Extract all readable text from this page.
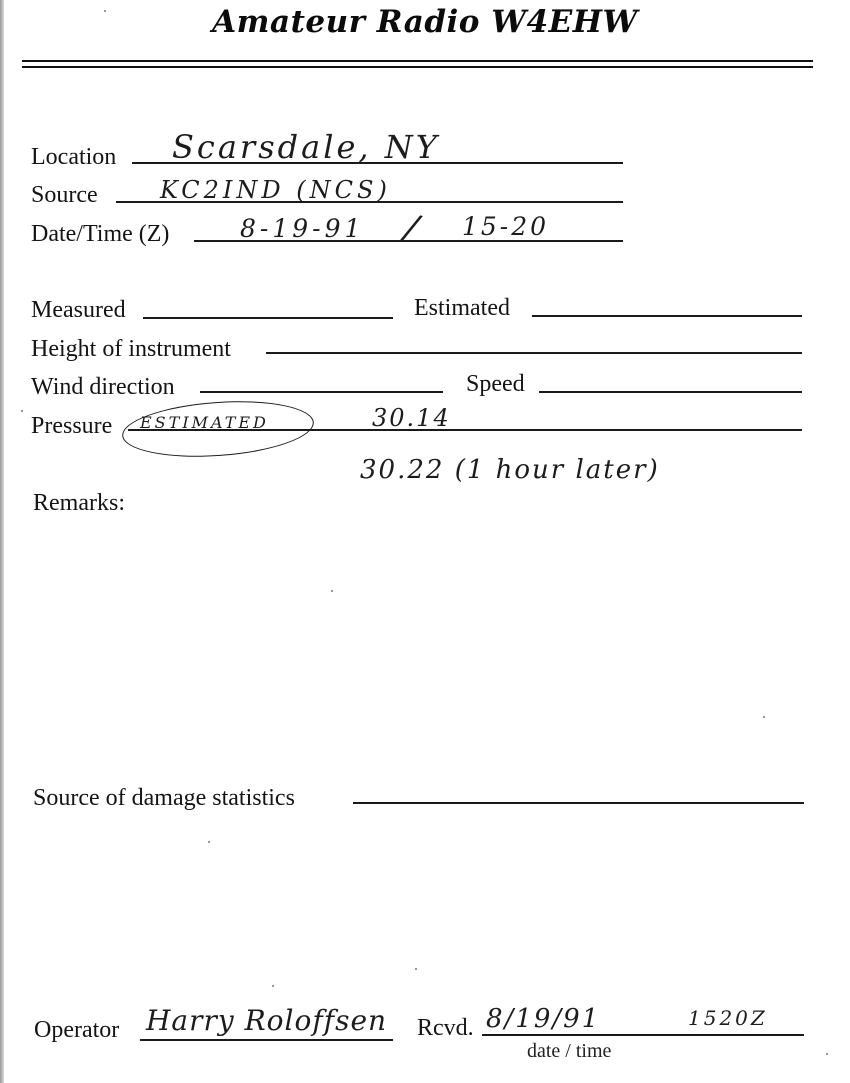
Amateur Radio W4EHW
Location Scarsdale, NY
Source	KC2IND (NCS)
Date/Time (Z)	8-19-91 / 15-20
Measured	Estimated
Height of instrument
Wind direction	Speed
Pressure ESTIMATED	30.14
30.22 (1 hour later)
Remarks:
Source of damage statistics
Operator Harry Roloffsen Rcvd. 8/19/91	1520Z
date / time
